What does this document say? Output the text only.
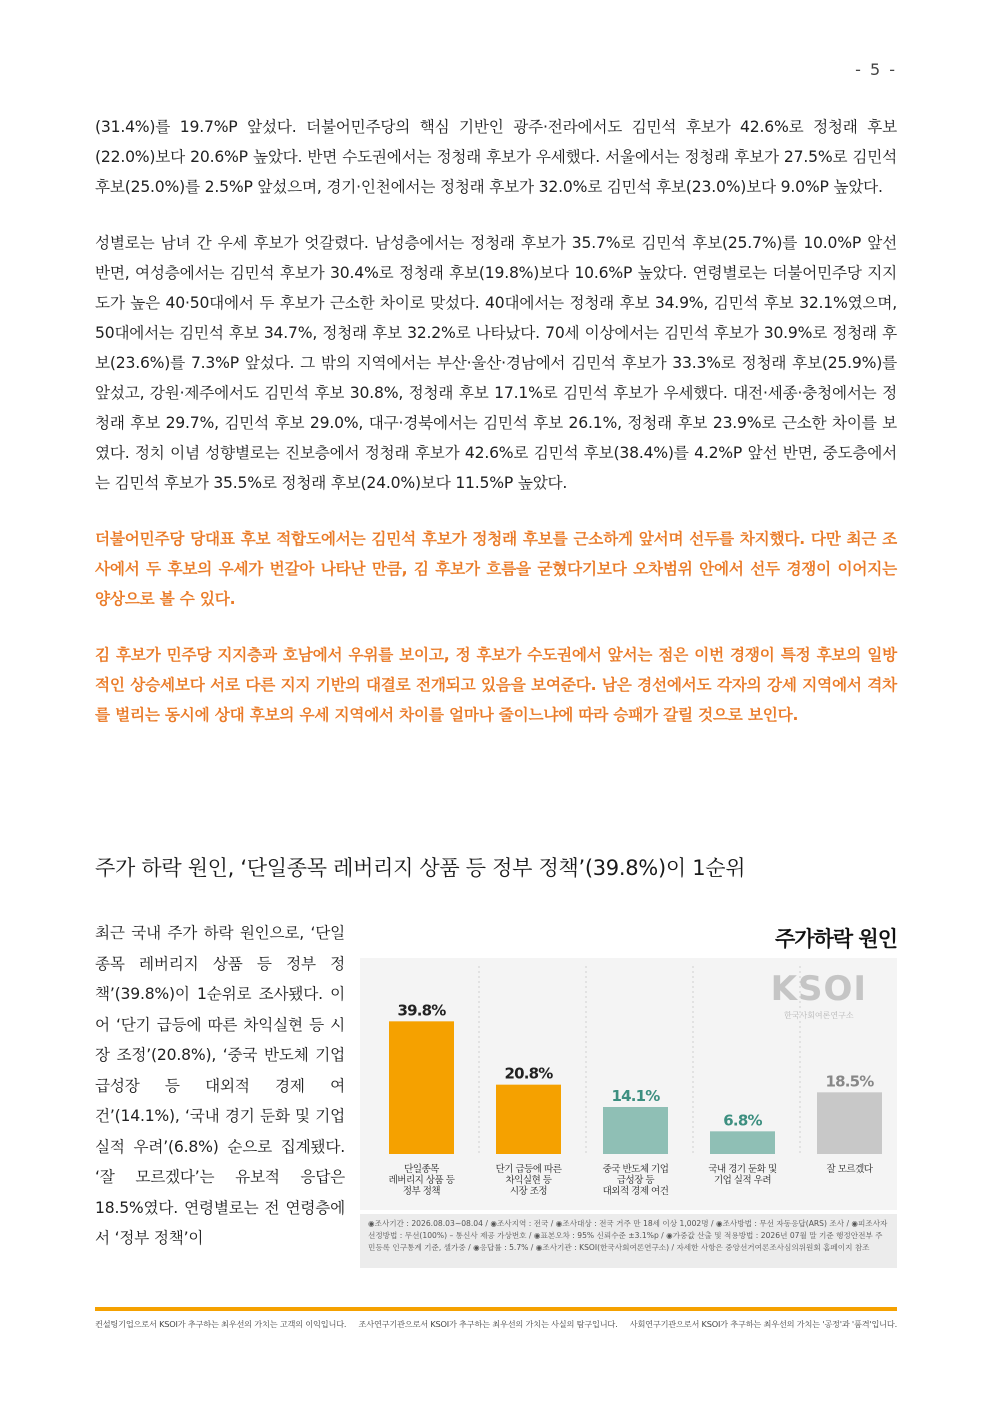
- 5 -

(31.4%)를 19.7%P 앞섰다. 더불어민주당의 핵심 기반인 광주·전라에서도 김민석 후보가 42.6%로 정청래 후보(22.0%)보다 20.6%P 높았다. 반면 수도권에서는 정청래 후보가 우세했다. 서울에서는 정청래 후보가 27.5%로 김민석 후보(25.0%)를 2.5%P 앞섰으며, 경기·인천에서는 정청래 후보가 32.0%로 김민석 후보(23.0%)보다 9.0%P 높았다.

성별로는 남녀 간 우세 후보가 엇갈렸다. 남성층에서는 정청래 후보가 35.7%로 김민석 후보(25.7%)를 10.0%P 앞선 반면, 여성층에서는 김민석 후보가 30.4%로 정청래 후보(19.8%)보다 10.6%P 높았다. 연령별로는 더불어민주당 지지도가 높은 40·50대에서 두 후보가 근소한 차이로 맞섰다. 40대에서는 정청래 후보 34.9%, 김민석 후보 32.1%였으며, 50대에서는 김민석 후보 34.7%, 정청래 후보 32.2%로 나타났다. 70세 이상에서는 김민석 후보가 30.9%로 정청래 후보(23.6%)를 7.3%P 앞섰다. 그 밖의 지역에서는 부산·울산·경남에서 김민석 후보가 33.3%로 정청래 후보(25.9%)를 앞섰고, 강원·제주에서도 김민석 후보 30.8%, 정청래 후보 17.1%로 김민석 후보가 우세했다. 대전·세종·충청에서는 정청래 후보 29.7%, 김민석 후보 29.0%, 대구·경북에서는 김민석 후보 26.1%, 정청래 후보 23.9%로 근소한 차이를 보였다. 정치 이념 성향별로는 진보층에서 정청래 후보가 42.6%로 김민석 후보(38.4%)를 4.2%P 앞선 반면, 중도층에서는 김민석 후보가 35.5%로 정청래 후보(24.0%)보다 11.5%P 높았다.

더불어민주당 당대표 후보 적합도에서는 김민석 후보가 정청래 후보를 근소하게 앞서며 선두를 차지했다. 다만 최근 조사에서 두 후보의 우세가 번갈아 나타난 만큼, 김 후보가 흐름을 굳혔다기보다 오차범위 안에서 선두 경쟁이 이어지는 양상으로 볼 수 있다.

김 후보가 민주당 지지층과 호남에서 우위를 보이고, 정 후보가 수도권에서 앞서는 점은 이번 경쟁이 특정 후보의 일방적인 상승세보다 서로 다른 지지 기반의 대결로 전개되고 있음을 보여준다. 남은 경선에서도 각자의 강세 지역에서 격차를 벌리는 동시에 상대 후보의 우세 지역에서 차이를 얼마나 줄이느냐에 따라 승패가 갈릴 것으로 보인다.

주가 하락 원인, ‘단일종목 레버리지 상품 등 정부 정책’(39.8%)이 1순위
최근 국내 주가 하락 원인으로, ‘단일종목 레버리지 상품 등 정부 정책’(39.8%)이 1순위로 조사됐다. 이어 ‘단기 급등에 따른 차익실현 등 시장 조정’(20.8%), ‘중국 반도체 기업 급성장 등 대외적 경제 여건’(14.1%), ‘국내 경기 둔화 및 기업 실적 우려’(6.8%) 순으로 집계됐다. ‘잘 모르겠다’는 유보적 응답은 18.5%였다. 연령별로는 전 연령층에서 ‘정부 정책’이
주가하락 원인
KSOI
한국사회여론연구소
39.8%
단일종목
레버리지 상품 등
정부 정책
20.8%
단기 급등에 따른
차익실현 등
시장 조정
14.1%
중국 반도체 기업
급성장 등
대외적 경제 여건
6.8%
국내 경기 둔화 및
기업 실적 우려
18.5%
잘 모르겠다
◉조사기간 : 2026.08.03~08.04 / ◉조사지역 : 전국 / ◉조사대상 : 전국 거주 만 18세 이상 1,002명 / ◉조사방법 : 무선 자동응답(ARS) 조사 / ◉피조사자선정방법 : 무선(100%) – 통신사 제공 가상번호 / ◉표본오차 : 95% 신뢰수준 ±3.1%p / ◉가중값 산출 및 적용방법 : 2026년 07월 말 기준 행정안전부 주민등록 인구통계 기준, 셀가중 / ◉응답률 : 5.7% / ◉조사기관 : KSOI(한국사회여론연구소) / 자세한 사항은 중앙선거여론조사심의위원회 홈페이지 참조
컨설팅기업으로서 KSOI가 추구하는 최우선의 가치는 고객의 이익입니다. 조사연구기관으로서 KSOI가 추구하는 최우선의 가치는 사실의 탐구입니다. 사회연구기관으로서 KSOI가 추구하는 최우선의 가치는 '공정'과 '품격'입니다.
